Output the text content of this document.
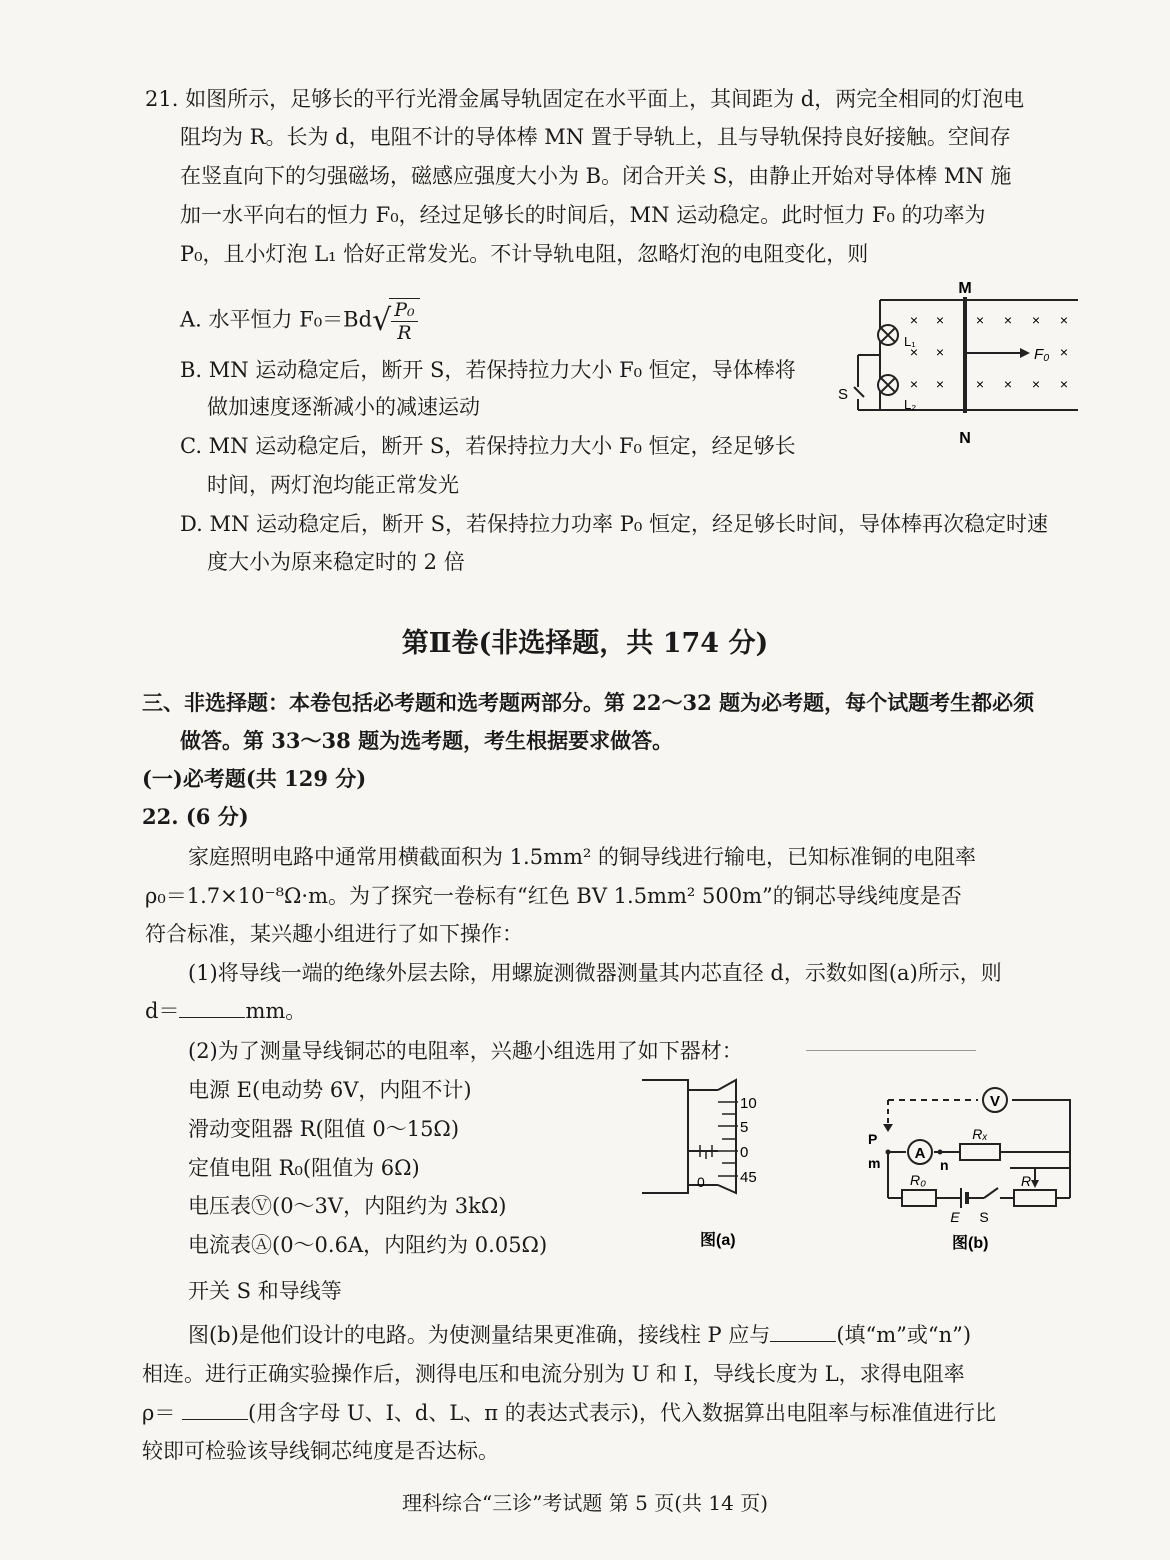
21. 如图所示，足够长的平行光滑金属导轨固定在水平面上，其间距为 d，两完全相同的灯泡电
阻均为 R。长为 d，电阻不计的导体棒 MN 置于导轨上，且与导轨保持良好接触。空间存
在竖直向下的匀强磁场，磁感应强度大小为 B。闭合开关 S，由静止开始对导体棒 MN 施
加一水平向右的恒力 F₀，经过足够长的时间后，MN 运动稳定。此时恒力 F₀ 的功率为
P₀，且小灯泡 L₁ 恰好正常发光。不计导轨电阻，忽略灯泡的电阻变化，则
A. 水平恒力 $F_0=Bd√ \frac{\text{P₀}}{R}$
B. MN 运动稳定后，断开 S，若保持拉力大小 F₀ 恒定，导体棒将
做加速度逐渐减小的减速运动
C. MN 运动稳定后，断开 S，若保持拉力大小 F₀ 恒定，经足够长
时间，两灯泡均能正常发光
D. MN 运动稳定后，断开 S，若保持拉力功率 P₀ 恒定，经足够长时间，导体棒再次稳定时速
度大小为原来稳定时的 2 倍
M
N
L₁
L₂
S
F₀
× ×
× ×
× ×
× × × ×
×
× × × ×
第Ⅱ卷(非选择题，共 174 分)
三、非选择题：本卷包括必考题和选考题两部分。第 22～32 题为必考题，每个试题考生都必须
做答。第 33～38 题为选考题，考生根据要求做答。
(一)必考题(共 129 分)
22. (6 分)
家庭照明电路中通常用横截面积为 1.5mm² 的铜导线进行输电，已知标准铜的电阻率
ρ₀＝1.7×10⁻⁸Ω·m。为了探究一卷标有“红色 BV 1.5mm² 500m”的铜芯导线纯度是否
符合标准，某兴趣小组进行了如下操作：
(1)将导线一端的绝缘外层去除，用螺旋测微器测量其内芯直径 d，示数如图(a)所示，则
d＝	mm。
(2)为了测量导线铜芯的电阻率，兴趣小组选用了如下器材：
电源 E(电动势 6V，内阻不计)
滑动变阻器 R(阻值 0～15Ω)
定值电阻 R₀(阻值为 6Ω)
电压表Ⓥ(0～3V，内阻约为 3kΩ)
电流表Ⓐ(0～0.6A，内阻约为 0.05Ω)
开关 S 和导线等
10
5
0
45
0
图(a)
V
A
Rₓ
R₀
E S
R
P
m	n
图(b)
图(b)是他们设计的电路。为使测量结果更准确，接线柱 P 应与	(填“m”或“n”)
相连。进行正确实验操作后，测得电压和电流分别为 U 和 I，导线长度为 L，求得电阻率
ρ＝	(用含字母 U、I、d、L、π 的表达式表示)，代入数据算出电阻率与标准值进行比
较即可检验该导线铜芯纯度是否达标。
理科综合“三诊”考试题 第 5 页(共 14 页)
